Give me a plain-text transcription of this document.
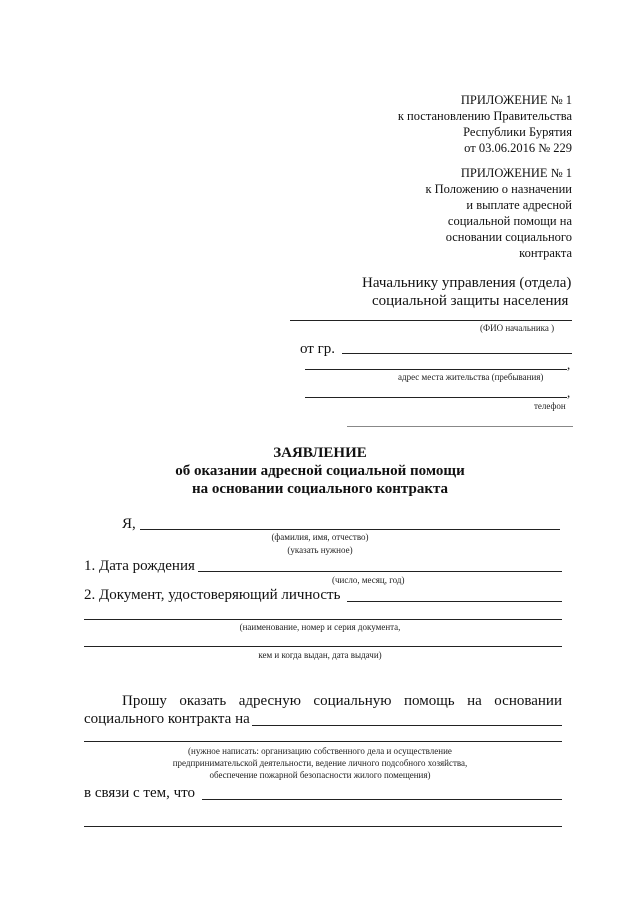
ПРИЛОЖЕНИЕ № 1
к постановлению Правительства
Республики Бурятия
от 03.06.2016 № 229
ПРИЛОЖЕНИЕ № 1
к Положению о назначении
и выплате адресной
социальной помощи на
основании социального
контракта
Начальнику управления (отдела)
социальной защиты населения
(ФИО начальника )
от гр.
,
адрес места жительства (пребывания)
,
телефон
ЗАЯВЛЕНИЕ
об оказании адресной социальной помощи
на основании социального контракта
Я,
(фамилия, имя, отчество)
(указать нужное)
1. Дата рождения
(число, месяц, год)
2. Документ, удостоверяющий личность
(наименование, номер и серия документа,
кем и когда выдан, дата выдачи)
Прошу оказать адресную социальную помощь на основании
социального контракта на
(нужное написать: организацию собственного дела и осуществление
предпринимательской деятельности, ведение личного подсобного хозяйства,
обеспечение пожарной безопасности жилого помещения)
в связи с тем, что
